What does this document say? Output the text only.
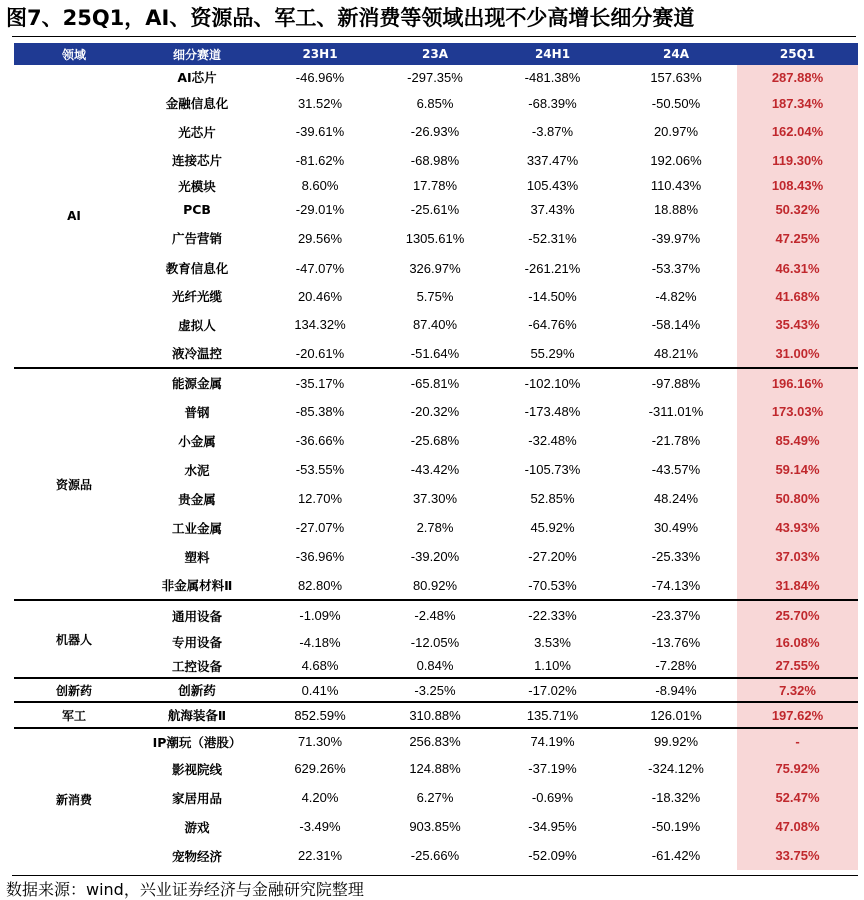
图7、25Q1，AI、资源品、军工、新消费等领域出现不少高增长细分赛道
领域	细分赛道	23H1	23A	24H1	24A	25Q1
AI	AI芯片	-46.96%	-297.35%	-481.38%	157.63%	287.88%
	金融信息化	31.52%	6.85%	-68.39%	-50.50%	187.34%
	光芯片	-39.61%	-26.93%	-3.87%	20.97%	162.04%
	连接芯片	-81.62%	-68.98%	337.47%	192.06%	119.30%
	光模块	8.60%	17.78%	105.43%	110.43%	108.43%
	PCB	-29.01%	-25.61%	37.43%	18.88%	50.32%
	广告营销	29.56%	1305.61%	-52.31%	-39.97%	47.25%
	教育信息化	-47.07%	326.97%	-261.21%	-53.37%	46.31%
	光纤光缆	20.46%	5.75%	-14.50%	-4.82%	41.68%
	虚拟人	134.32%	87.40%	-64.76%	-58.14%	35.43%
	液冷温控	-20.61%	-51.64%	55.29%	48.21%	31.00%
资源品	能源金属	-35.17%	-65.81%	-102.10%	-97.88%	196.16%
	普钢	-85.38%	-20.32%	-173.48%	-311.01%	173.03%
	小金属	-36.66%	-25.68%	-32.48%	-21.78%	85.49%
	水泥	-53.55%	-43.42%	-105.73%	-43.57%	59.14%
	贵金属	12.70%	37.30%	52.85%	48.24%	50.80%
	工业金属	-27.07%	2.78%	45.92%	30.49%	43.93%
	塑料	-36.96%	-39.20%	-27.20%	-25.33%	37.03%
	非金属材料Ⅱ	82.80%	80.92%	-70.53%	-74.13%	31.84%
机器人	通用设备	-1.09%	-2.48%	-22.33%	-23.37%	25.70%
	专用设备	-4.18%	-12.05%	3.53%	-13.76%	16.08%
	工控设备	4.68%	0.84%	1.10%	-7.28%	27.55%
创新药	创新药	0.41%	-3.25%	-17.02%	-8.94%	7.32%
军工	航海装备Ⅱ	852.59%	310.88%	135.71%	126.01%	197.62%
新消费	IP潮玩（港股）	71.30%	256.83%	74.19%	99.92%	-
	影视院线	629.26%	124.88%	-37.19%	-324.12%	75.92%
	家居用品	4.20%	6.27%	-0.69%	-18.32%	52.47%
	游戏	-3.49%	903.85%	-34.95%	-50.19%	47.08%
	宠物经济	22.31%	-25.66%	-52.09%	-61.42%	33.75%
数据来源：wind，兴业证券经济与金融研究院整理
